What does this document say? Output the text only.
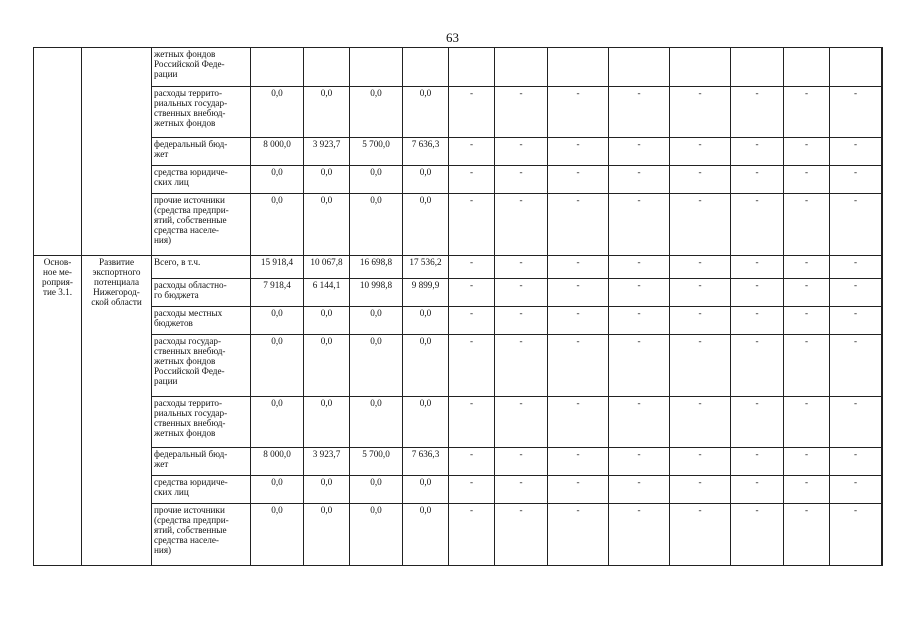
63
		жетных фондов
Российской Феде-
рации													
		расходы террито-
риальных государ-
ственных внебюд-
жетных фондов	0,0	0,0	0,0	0,0	-	-	-	-	-	-	-	-	
		федеральный бюд-
жет	8 000,0	3 923,7	5 700,0	7 636,3	-	-	-	-	-	-	-	-	
		средства юридиче-
ских лиц	0,0	0,0	0,0	0,0	-	-	-	-	-	-	-	-	
		прочие источники
(средства предпри-
ятий, собственные
средства населе-
ния)	0,0	0,0	0,0	0,0	-	-	-	-	-	-	-	-	
Основ-
ное ме-
роприя-
тие 3.1.	Развитие
экспортного
потенциала
Нижегород-
ской области	Всего, в т.ч.	15 918,4	10 067,8	16 698,8	17 536,2	-	-	-	-	-	-	-	-	
		расходы областно-
го бюджета	7 918,4	6 144,1	10 998,8	9 899,9	-	-	-	-	-	-	-	-	
		расходы местных
бюджетов	0,0	0,0	0,0	0,0	-	-	-	-	-	-	-	-	
		расходы государ-
ственных внебюд-
жетных фондов
Российской Феде-
рации	0,0	0,0	0,0	0,0	-	-	-	-	-	-	-	-	
		расходы террито-
риальных государ-
ственных внебюд-
жетных фондов	0,0	0,0	0,0	0,0	-	-	-	-	-	-	-	-	
		федеральный бюд-
жет	8 000,0	3 923,7	5 700,0	7 636,3	-	-	-	-	-	-	-	-	
		средства юридиче-
ских лиц	0,0	0,0	0,0	0,0	-	-	-	-	-	-	-	-	
		прочие источники
(средства предпри-
ятий, собственные
средства населе-
ния)	0,0	0,0	0,0	0,0	-	-	-	-	-	-	-	-	
